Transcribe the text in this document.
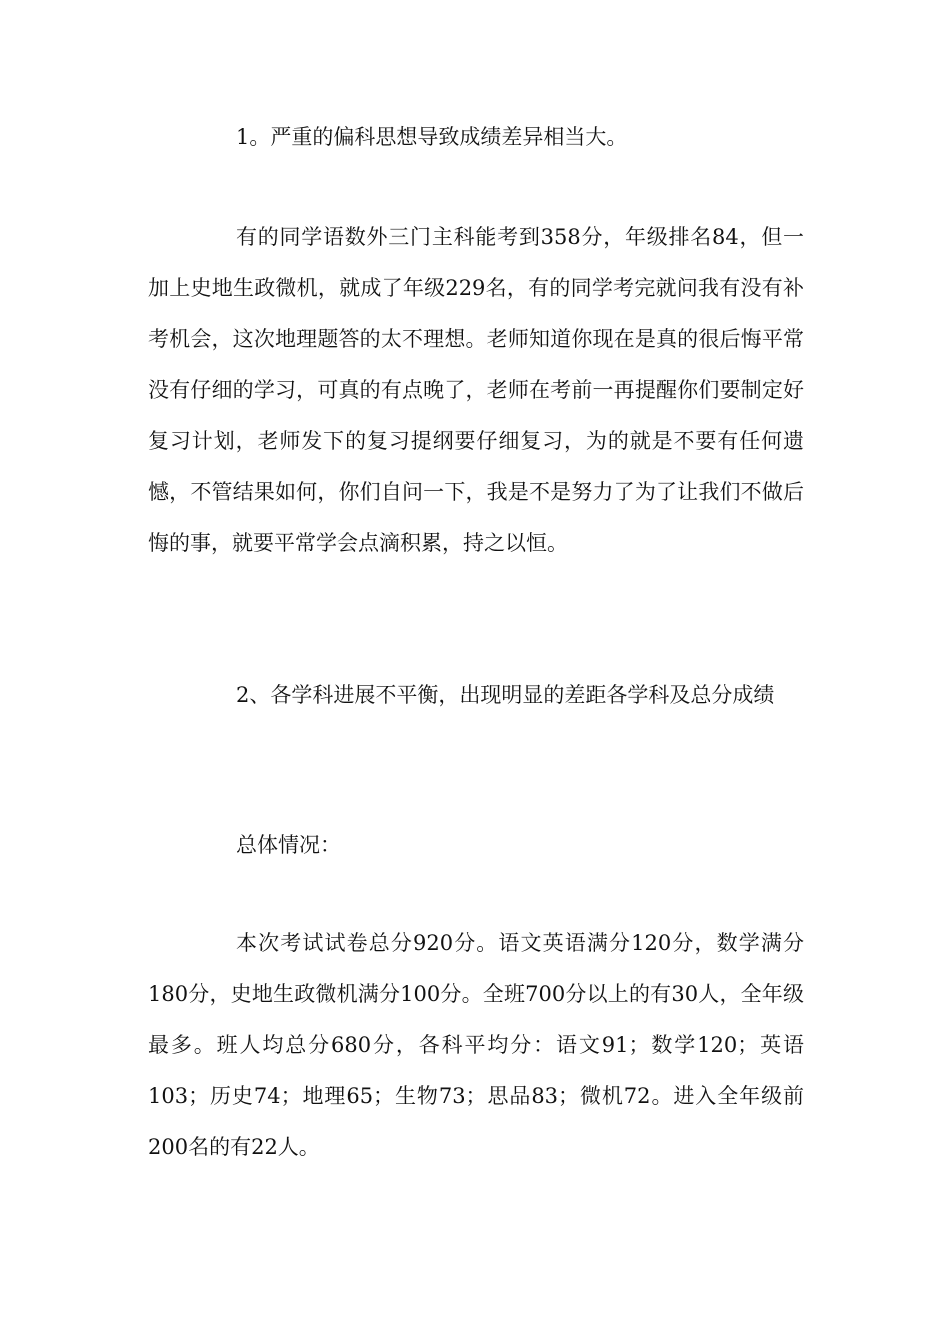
1。严重的偏科思想导致成绩差异相当大。

有的同学语数外三门主科能考到358分，年级排名84，但一加上史地生政微机，就成了年级229名，有的同学考完就问我有没有补考机会，这次地理题答的太不理想。老师知道你现在是真的很后悔平常没有仔细的学习，可真的有点晚了，老师在考前一再提醒你们要制定好复习计划，老师发下的复习提纲要仔细复习，为的就是不要有任何遗憾，不管结果如何，你们自问一下，我是不是努力了为了让我们不做后悔的事，就要平常学会点滴积累，持之以恒。

2、各学科进展不平衡，出现明显的差距各学科及总分成绩

总体情况：

本次考试试卷总分920分。语文英语满分120分，数学满分180分，史地生政微机满分100分。全班700分以上的有30人，全年级最多。班人均总分680分，各科平均分：语文91；数学120；英语103；历史74；地理65；生物73；思品83；微机72。进入全年级前200名的有22人。
